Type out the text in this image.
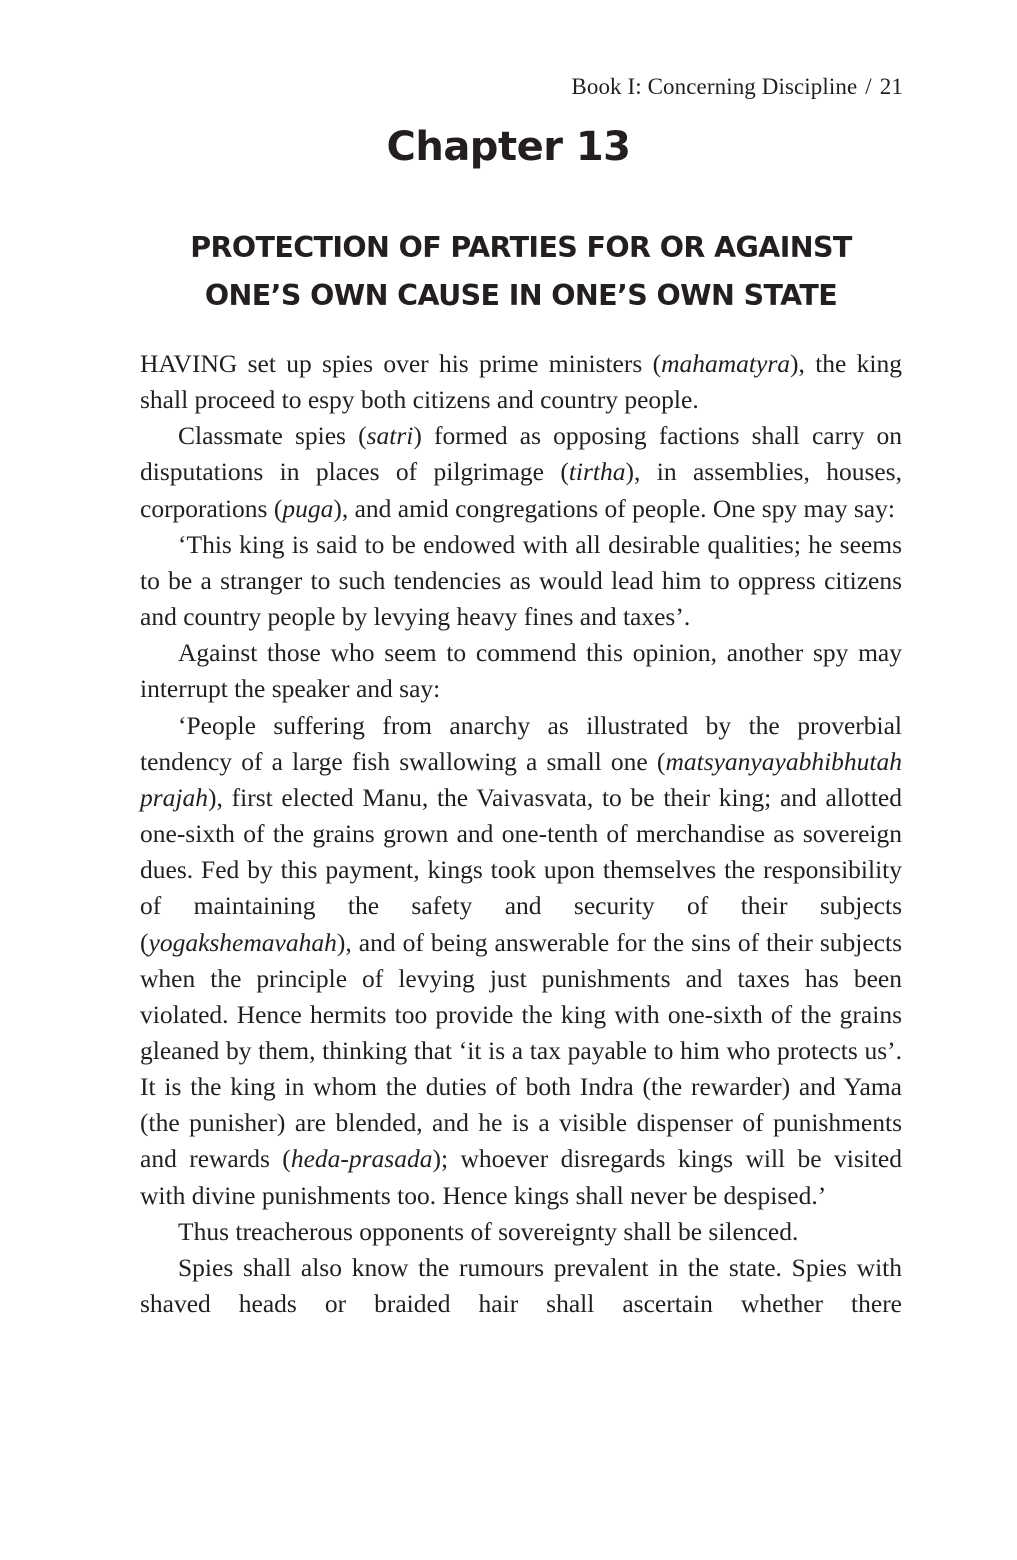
Book I: Concerning Discipline / 21
Chapter 13
PROTECTION OF PARTIES FOR OR AGAINST
ONE’S OWN CAUSE IN ONE’S OWN STATE

HAVING set up spies over his prime ministers (mahamatyra), the king shall proceed to espy both citizens and country people.

Classmate spies (satri) formed as opposing factions shall carry on disputations in places of pilgrimage (tirtha), in assemblies, houses, corporations (puga), and amid congregations of people. One spy may say:

‘This king is said to be endowed with all desirable qualities; he seems to be a stranger to such tendencies as would lead him to oppress citizens and country people by levying heavy fines and taxes’.

Against those who seem to commend this opinion, another spy may interrupt the speaker and say:

‘People suffering from anarchy as illustrated by the proverbial tendency of a large fish swallowing a small one (matsyanyayabhibhutah prajah), first elected Manu, the Vaivasvata, to be their king; and allotted one-sixth of the grains grown and one-tenth of merchandise as sovereign dues. Fed by this payment, kings took upon themselves the responsibility of maintaining the safety and security of their subjects (yogakshemavahah), and of being answerable for the sins of their subjects when the principle of levying just punishments and taxes has been violated. Hence hermits too provide the king with one-sixth of the grains gleaned by them, thinking that ‘it is a tax payable to him who protects us’. It is the king in whom the duties of both Indra (the rewarder) and Yama (the punisher) are blended, and he is a visible dispenser of punishments and rewards (heda-prasada); whoever disregards kings will be visited with divine punishments too. Hence kings shall never be despised.’

Thus treacherous opponents of sovereignty shall be silenced.

Spies shall also know the rumours prevalent in the state. Spies with shaved heads or braided hair shall ascertain whether there
